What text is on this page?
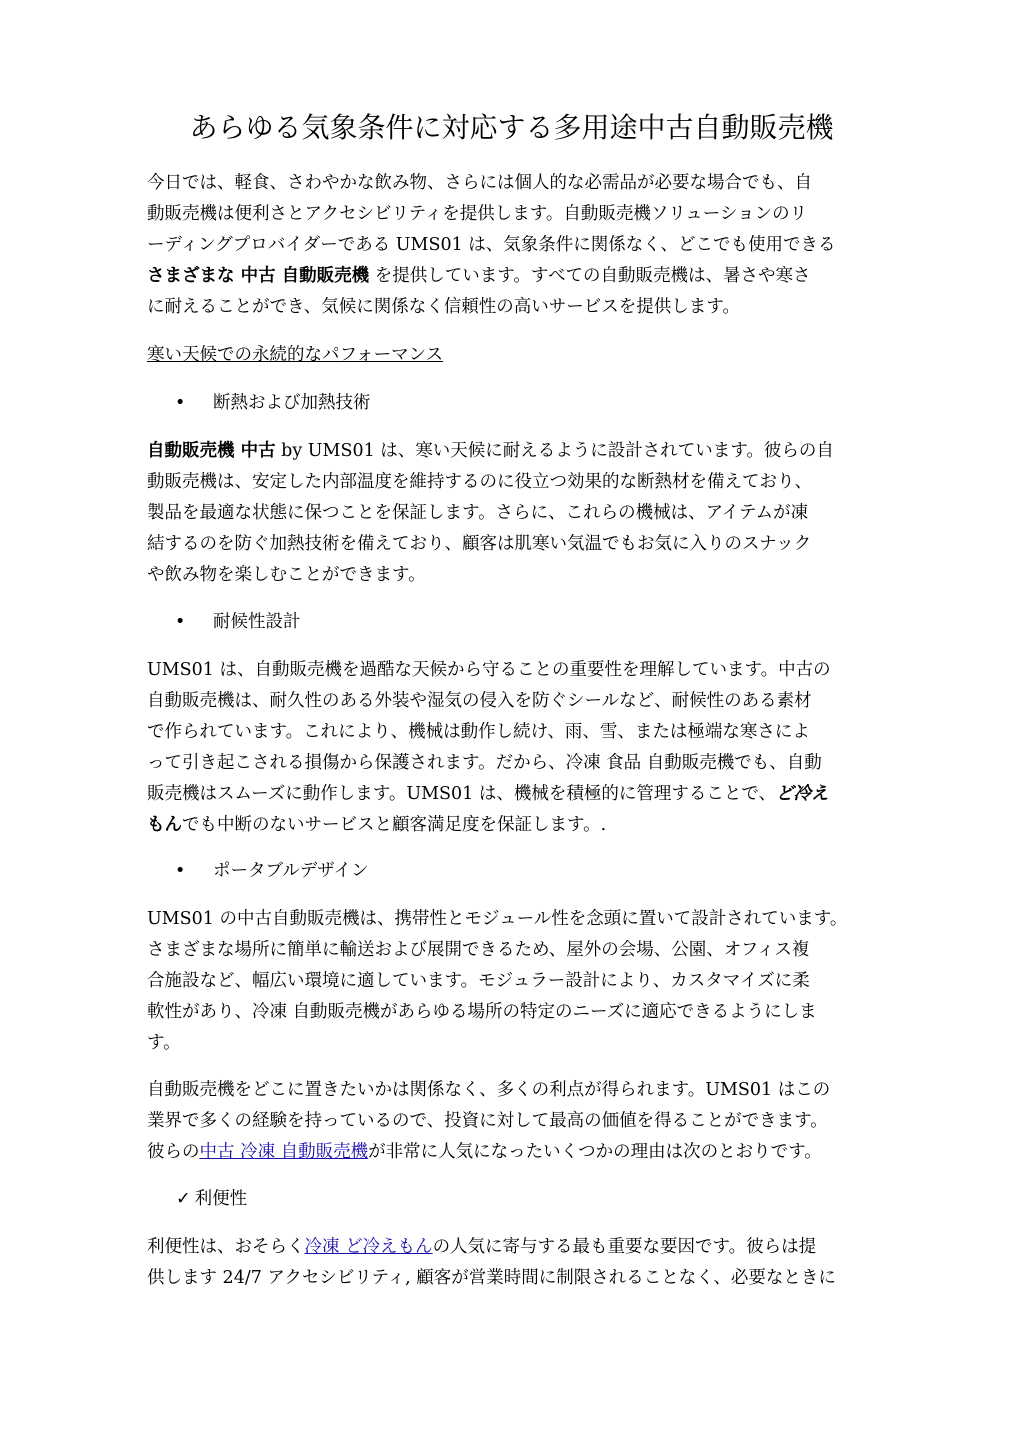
あらゆる気象条件に対応する多用途中古自動販売機

今日では、軽食、さわやかな飲み物、さらには個人的な必需品が必要な場合でも、自
動販売機は便利さとアクセシビリティを提供します。自動販売機ソリューションのリ
ーディングプロバイダーである UMS01 は、気象条件に関係なく、どこでも使用できる
さまざまな 中古 自動販売機 を提供しています。すべての自動販売機は、暑さや寒さ
に耐えることができ、気候に関係なく信頼性の高いサービスを提供します。

寒い天候での永続的なパフォーマンス

• 断熱および加熱技術

自動販売機 中古 by UMS01 は、寒い天候に耐えるように設計されています。彼らの自
動販売機は、安定した内部温度を維持するのに役立つ効果的な断熱材を備えており、
製品を最適な状態に保つことを保証します。さらに、これらの機械は、アイテムが凍
結するのを防ぐ加熱技術を備えており、顧客は肌寒い気温でもお気に入りのスナック
や飲み物を楽しむことができます。

• 耐候性設計

UMS01 は、自動販売機を過酷な天候から守ることの重要性を理解しています。中古の
自動販売機は、耐久性のある外装や湿気の侵入を防ぐシールなど、耐候性のある素材
で作られています。これにより、機械は動作し続け、雨、雪、または極端な寒さによ
って引き起こされる損傷から保護されます。だから、冷凍 食品 自動販売機でも、自動
販売機はスムーズに動作します。UMS01 は、機械を積極的に管理することで、ど冷え
もんでも中断のないサービスと顧客満足度を保証します。.

• ポータブルデザイン

UMS01 の中古自動販売機は、携帯性とモジュール性を念頭に置いて設計されています。
さまざまな場所に簡単に輸送および展開できるため、屋外の会場、公園、オフィス複
合施設など、幅広い環境に適しています。モジュラー設計により、カスタマイズに柔
軟性があり、冷凍 自動販売機があらゆる場所の特定のニーズに適応できるようにしま
す。

自動販売機をどこに置きたいかは関係なく、多くの利点が得られます。UMS01 はこの
業界で多くの経験を持っているので、投資に対して最高の価値を得ることができます。
彼らの中古 冷凍 自動販売機が非常に人気になったいくつかの理由は次のとおりです。

✓ 利便性

利便性は、おそらく冷凍 ど冷えもんの人気に寄与する最も重要な要因です。彼らは提
供します 24/7 アクセシビリティ, 顧客が営業時間に制限されることなく、必要なときに
